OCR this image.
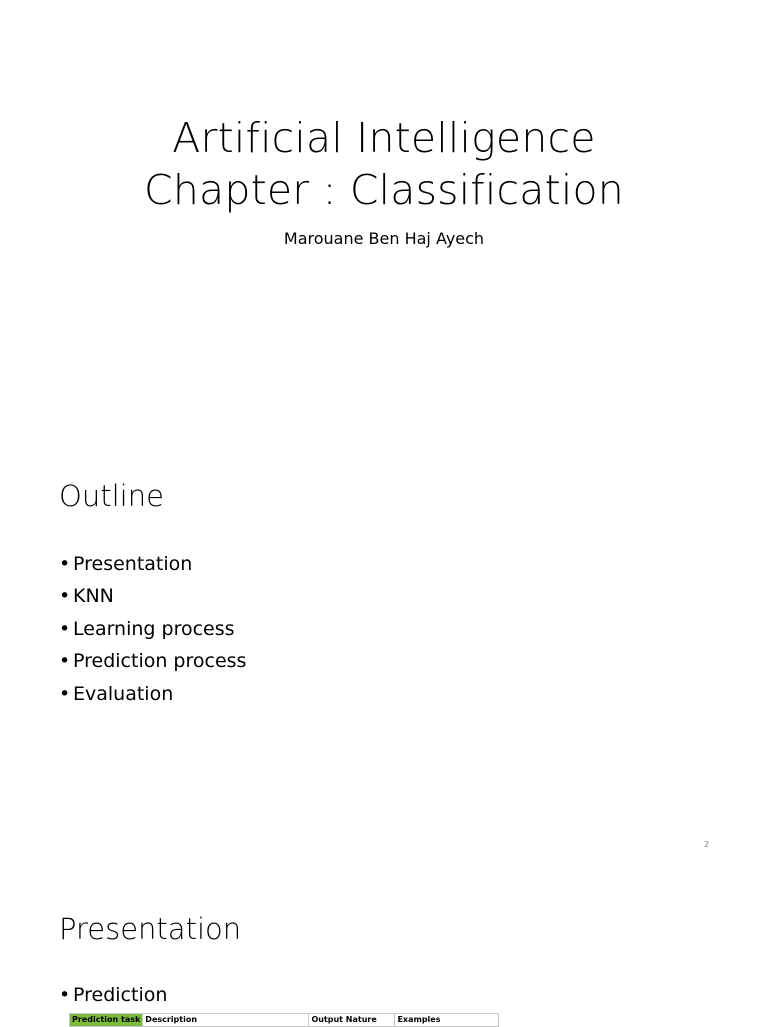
Artificial Intelligence
Chapter : Classification
Marouane Ben Haj Ayech
Outline
• Presentation
• KNN
• Learning process
• Prediction process
• Evaluation
2
Presentation
• Prediction
Prediction task	Description	Output Nature	Examples
